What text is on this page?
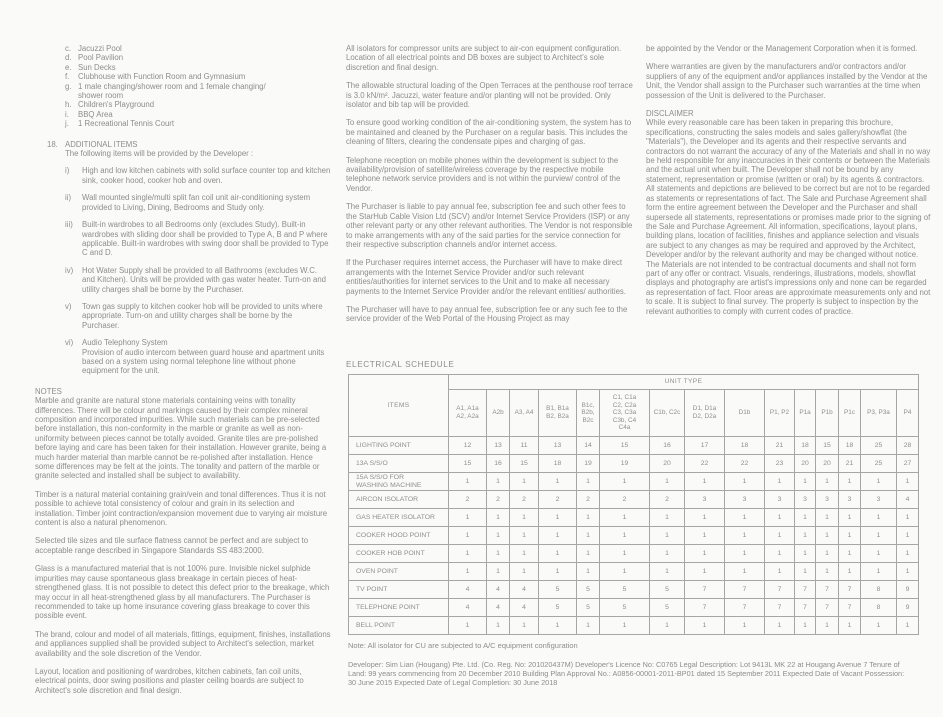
c. Jacuzzi Pool
d. Pool Pavilion
e. Sun Decks
f.	Clubhouse with Function Room and Gymnasium
g. 1 male changing/shower room and 1 female changing/
shower room
h. Children's Playground
i.	BBQ Area
j.	1 Recreational Tennis Court
18. ADDITIONAL ITEMS
The following items will be provided by the Developer :
i)	High and low kitchen cabinets with solid surface counter top and kitchen sink, cooker hood, cooker hob and oven.
ii)	Wall mounted single/multi split fan coil unit air-conditioning system provided to Living, Dining, Bedrooms and Study only.
iii)	Built-in wardrobes to all Bedrooms only (excludes Study). Built-in wardrobes with sliding door shall be provided to Type A, B and P where applicable. Built-in wardrobes with swing door shall be provided to Type C and D.
iv)	Hot Water Supply shall be provided to all Bathrooms (excludes W.C. and Kitchen). Units will be provided with gas water heater. Turn-on and utility charges shall be borne by the Purchaser.
v)	Town gas supply to kitchen cooker hob will be provided to units where appropriate. Turn-on and utility charges shall be borne by the Purchaser.
vi)	Audio Telephony System
Provision of audio intercom between guard house and apartment units based on a system using normal telephone line without phone equipment for the unit.
NOTES

Marble and granite are natural stone materials containing veins with tonality differences. There will be colour and markings caused by their complex mineral composition and incorporated impurities. While such materials can be pre-selected before installation, this non-conformity in the marble or granite as well as non-uniformity between pieces cannot be totally avoided. Granite tiles are pre-polished before laying and care has been taken for their installation. However granite, being a much harder material than marble cannot be re-polished after installation. Hence some differences may be felt at the joints. The tonality and pattern of the marble or granite selected and installed shall be subject to availability.

Timber is a natural material containing grain/vein and tonal differences. Thus it is not possible to achieve total consistency of colour and grain in its selection and installation. Timber joint contraction/expansion movement due to varying air moisture content is also a natural phenomenon.

Selected tile sizes and tile surface flatness cannot be perfect and are subject to acceptable range described in Singapore Standards SS 483:2000.

Glass is a manufactured material that is not 100% pure. Invisible nickel sulphide impurities may cause spontaneous glass breakage in certain pieces of heat-strengthened glass. It is not possible to detect this defect prior to the breakage, which may occur in all heat-strengthened glass by all manufacturers. The Purchaser is recommended to take up home insurance covering glass breakage to cover this possible event.

The brand, colour and model of all materials, fittings, equipment, finishes, installations and appliances supplied shall be provided subject to Architect's selection, market availability and the sole discretion of the Vendor.

Layout, location and positioning of wardrobes, kitchen cabinets, fan coil units, electrical points, door swing positions and plaster ceiling boards are subject to Architect's sole discretion and final design.

All isolators for compressor units are subject to air-con equipment configuration. Location of all electrical points and DB boxes are subject to Architect's sole discretion and final design.

The allowable structural loading of the Open Terraces at the penthouse roof terrace is 3.0 kN/m². Jacuzzi, water feature and/or planting will not be provided. Only isolator and bib tap will be provided.

To ensure good working condition of the air-conditioning system, the system has to be maintained and cleaned by the Purchaser on a regular basis. This includes the cleaning of filters, clearing the condensate pipes and charging of gas.

Telephone reception on mobile phones within the development is subject to the availability/provision of satellite/wireless coverage by the respective mobile telephone network service providers and is not within the purview/ control of the Vendor.

The Purchaser is liable to pay annual fee, subscription fee and such other fees to the StarHub Cable Vision Ltd (SCV) and/or Internet Service Providers (ISP) or any other relevant party or any other relevant authorities. The Vendor is not responsible to make arrangements with any of the said parties for the service connection for their respective subscription channels and/or internet access.

If the Purchaser requires internet access, the Purchaser will have to make direct arrangements with the Internet Service Provider and/or such relevant entities/authorities for internet services to the Unit and to make all necessary payments to the Internet Service Provider and/or the relevant entities/ authorities.

The Purchaser will have to pay annual fee, subscription fee or any such fee to the service provider of the Web Portal of the Housing Project as may

be appointed by the Vendor or the Management Corporation when it is formed.

Where warranties are given by the manufacturers and/or contractors and/or suppliers of any of the equipment and/or appliances installed by the Vendor at the Unit, the Vendor shall assign to the Purchaser such warranties at the time when possession of the Unit is delivered to the Purchaser.

DISCLAIMER

While every reasonable care has been taken in preparing this brochure, specifications, constructing the sales models and sales gallery/showflat (the "Materials"), the Developer and its agents and their respective servants and contractors do not warrant the accuracy of any of the Materials and shall in no way be held responsible for any inaccuracies in their contents or between the Materials and the actual unit when built. The Developer shall not be bound by any statement, representation or promise (written or oral) by its agents & contractors. All statements and depictions are believed to be correct but are not to be regarded as statements or representations of fact. The Sale and Purchase Agreement shall form the entire agreement between the Developer and the Purchaser and shall supersede all statements, representations or promises made prior to the signing of the Sale and Purchase Agreement. All information, specifications, layout plans, building plans, location of facilities, finishes and appliance selection and visuals are subject to any changes as may be required and approved by the Architect, Developer and/or by the relevant authority and may be changed without notice. The Materials are not intended to be contractual documents and shall not form part of any offer or contract. Visuals, renderings, illustrations, models, showflat displays and photography are artist's impressions only and none can be regarded as representation of fact. Floor areas are approximate measurements only and not to scale. It is subject to final survey. The property is subject to inspection by the relevant authorities to comply with current codes of practice.

ELECTRICAL SCHEDULE
ITEMS	UNIT TYPE														
	A1, A1a
A2, A2a	A2b	A3, A4	B1, B1a
B2, B2a	B1c,
B2b,
B2c	C1, C1a
C2, C2a
C3, C3a
C3b, C4
C4a	C1b, C2c	D1, D1a
D2, D2a	D1b	P1, P2	P1a	P1b	P1c	P3, P3a	P4
LIGHTING POINT	12	13	11	13	14	15	16	17	18	21	18	15	18	25	28
13A S/S/O	15	16	15	18	19	19	20	22	22	23	20	20	21	25	27
15A S/S/O FOR
WASHING MACHINE	1	1	1	1	1	1	1	1	1	1	1	1	1	1	1
AIRCON ISOLATOR	2	2	2	2	2	2	2	3	3	3	3	3	3	3	4
GAS HEATER ISOLATOR	1	1	1	1	1	1	1	1	1	1	1	1	1	1	1
COOKER HOOD POINT	1	1	1	1	1	1	1	1	1	1	1	1	1	1	1
COOKER HOB POINT	1	1	1	1	1	1	1	1	1	1	1	1	1	1	1
OVEN POINT	1	1	1	1	1	1	1	1	1	1	1	1	1	1	1
TV POINT	4	4	4	5	5	5	5	7	7	7	7	7	7	8	9
TELEPHONE POINT	4	4	4	5	5	5	5	7	7	7	7	7	7	8	9
BELL POINT	1	1	1	1	1	1	1	1	1	1	1	1	1	1	1

Note: All isolator for CU are subjected to A/C equipment configuration

Developer: Sim Lian (Hougang) Pte. Ltd. (Co. Reg. No: 201020437M) Developer's Licence No: C0765 Legal Description: Lot 9413L MK 22 at Hougang Avenue 7 Tenure of Land: 99 years commencing from 20 December 2010 Building Plan Approval No.: A0856-00001-2011-BP01 dated 15 September 2011 Expected Date of Vacant Possession: 30 June 2015 Expected Date of Legal Completion: 30 June 2018
